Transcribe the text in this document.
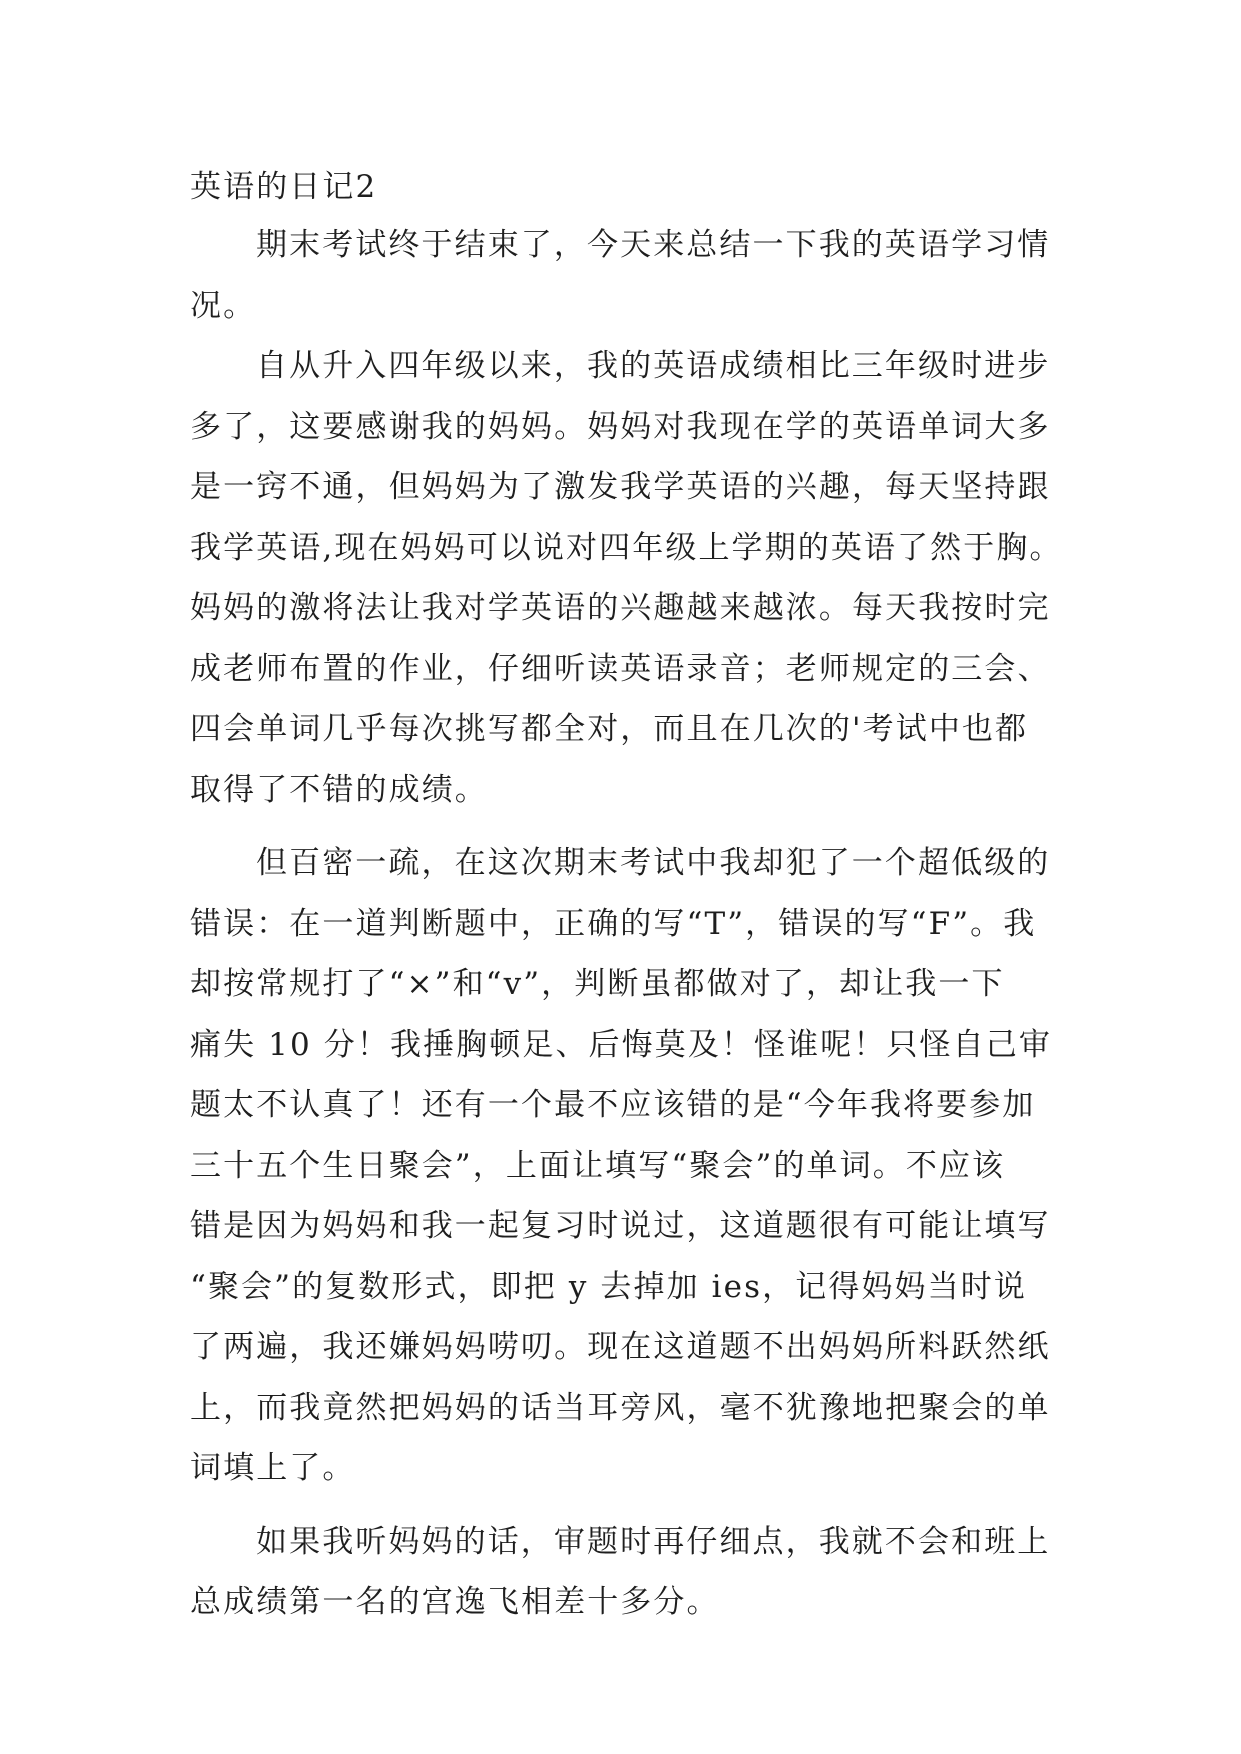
英语的日记2
期末考试终于结束了，今天来总结一下我的英语学习情
况。
自从升入四年级以来，我的英语成绩相比三年级时进步
多了，这要感谢我的妈妈。妈妈对我现在学的英语单词大多
是一窍不通，但妈妈为了激发我学英语的兴趣，每天坚持跟
我学英语,现在妈妈可以说对四年级上学期的英语了然于胸。
妈妈的激将法让我对学英语的兴趣越来越浓。每天我按时完
成老师布置的作业，仔细听读英语录音；老师规定的三会、
四会单词几乎每次挑写都全对，而且在几次的'考试中也都
取得了不错的成绩。
但百密一疏，在这次期末考试中我却犯了一个超低级的
错误：在一道判断题中，正确的写“T”，错误的写“F”。我
却按常规打了“×”和“v”，判断虽都做对了，却让我一下
痛失 10 分！我捶胸顿足、后悔莫及！怪谁呢！只怪自己审
题太不认真了！还有一个最不应该错的是“今年我将要参加
三十五个生日聚会”，上面让填写“聚会”的单词。不应该
错是因为妈妈和我一起复习时说过，这道题很有可能让填写
“聚会”的复数形式，即把 y 去掉加 ies，记得妈妈当时说
了两遍，我还嫌妈妈唠叨。现在这道题不出妈妈所料跃然纸
上，而我竟然把妈妈的话当耳旁风，毫不犹豫地把聚会的单
词填上了。
如果我听妈妈的话，审题时再仔细点，我就不会和班上
总成绩第一名的宫逸飞相差十多分。
